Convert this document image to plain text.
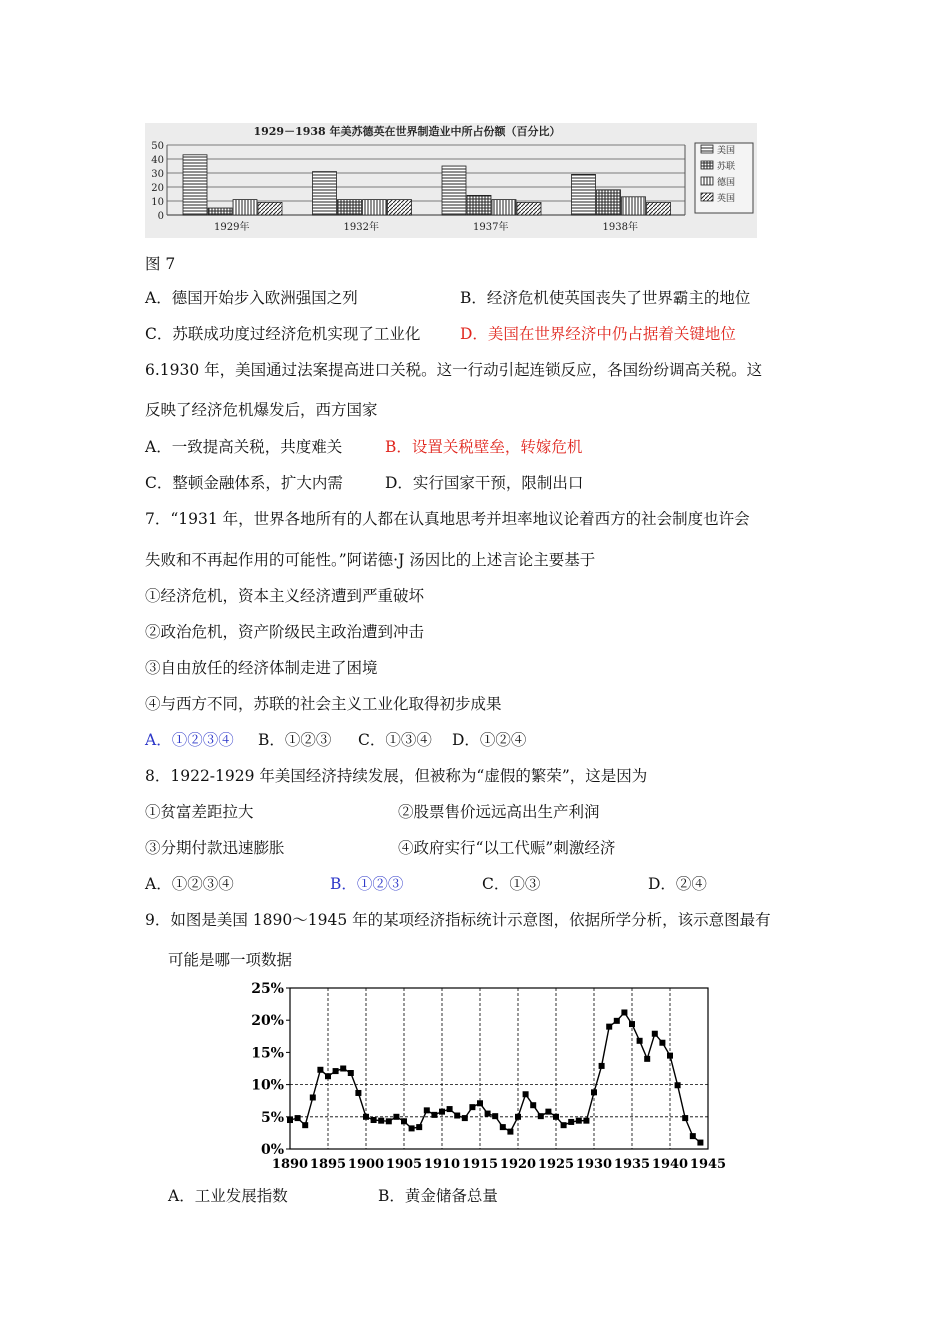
1929－1938 年美苏德英在世界制造业中所占份额（百分比）
0
10
20
30
40
50
1929年	1932年	1937年	1938年
美国
苏联
德国
英国
图 7
A．德国开始步入欧洲强国之列	B．经济危机使英国丧失了世界霸主的地位
C．苏联成功度过经济危机实现了工业化	D．美国在世界经济中仍占据着关键地位
6.1930 年，美国通过法案提高进口关税。这一行动引起连锁反应，各国纷纷调高关税。这
反映了经济危机爆发后，西方国家
A．一致提高关税，共度难关	B．设置关税壁垒，转嫁危机
C．整顿金融体系，扩大内需	D．实行国家干预，限制出口
7．“1931 年，世界各地所有的人都在认真地思考并坦率地议论着西方的社会制度也许会
失败和不再起作用的可能性。”阿诺德·J 汤因比的上述言论主要基于
①经济危机，资本主义经济遭到严重破坏
②政治危机，资产阶级民主政治遭到冲击
③自由放任的经济体制走进了困境
④与西方不同，苏联的社会主义工业化取得初步成果
A．①②③④ B．①②③ C．①③④ D．①②④
8．1922-1929 年美国经济持续发展，但被称为“虚假的繁荣”，这是因为
①贫富差距拉大	②股票售价远远高出生产利润
③分期付款迅速膨胀	④政府实行“以工代赈”刺激经济
A．①②③④	B．①②③	C．①③	D．②④
9．如图是美国 1890～1945 年的某项经济指标统计示意图，依据所学分析，该示意图最有
可能是哪一项数据
0%
5%
10%
15%
20%
25%
1890 1895 1900 1905 1910 1915 1920 1925 1930 1935 1940 1945
A．工业发展指数	B．黄金储备总量
